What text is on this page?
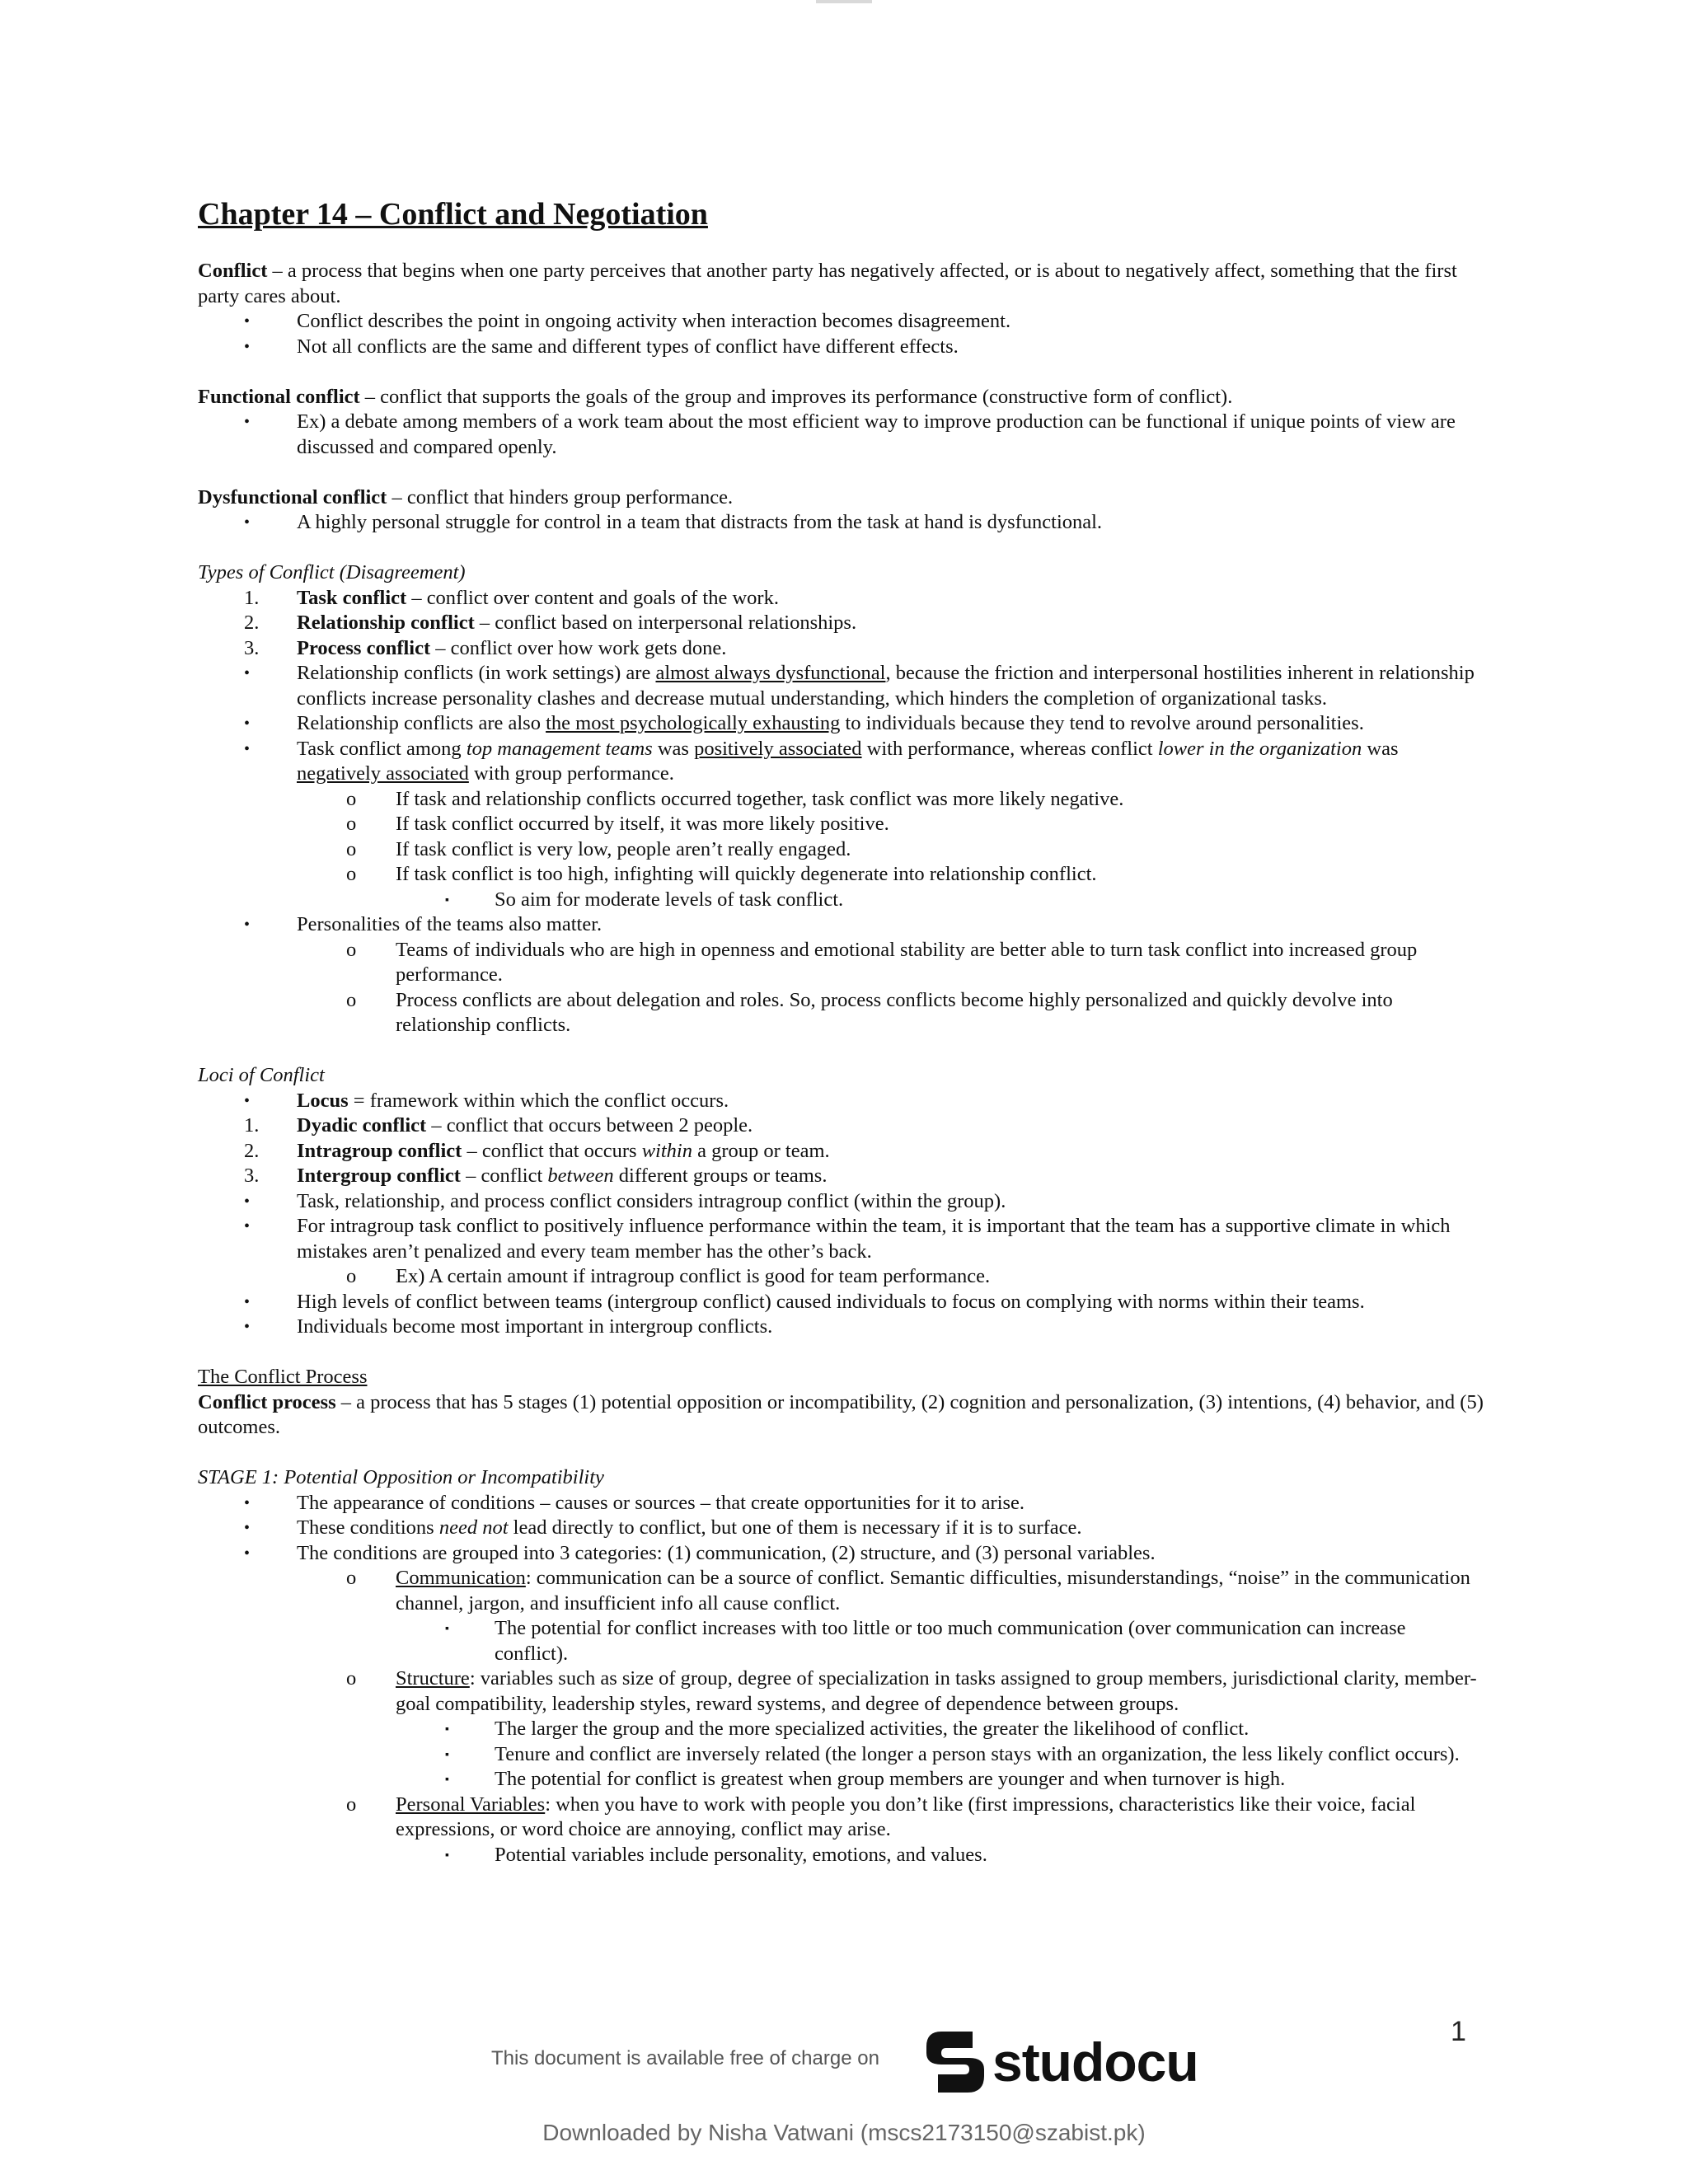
Chapter 14 – Conflict and Negotiation

Conflict – a process that begins when one party perceives that another party has negatively affected, or is about to negatively affect, something that the first party cares about.

• Conflict describes the point in ongoing activity when interaction becomes disagreement.
• Not all conflicts are the same and different types of conflict have different effects.

Functional conflict – conflict that supports the goals of the group and improves its performance (constructive form of conflict).

• Ex) a debate among members of a work team about the most efficient way to improve production can be functional if unique points of view are discussed and compared openly.

Dysfunctional conflict – conflict that hinders group performance.

• A highly personal struggle for control in a team that distracts from the task at hand is dysfunctional.

Types of Conflict (Disagreement)

1. Task conflict – conflict over content and goals of the work.
2. Relationship conflict – conflict based on interpersonal relationships.
3. Process conflict – conflict over how work gets done.
• Relationship conflicts (in work settings) are almost always dysfunctional, because the friction and interpersonal hostilities inherent in relationship conflicts increase personality clashes and decrease mutual understanding, which hinders the completion of organizational tasks.
• Relationship conflicts are also the most psychologically exhausting to individuals because they tend to revolve around personalities.
• Task conflict among top management teams was positively associated with performance, whereas conflict lower in the organization was negatively associated with group performance.
o If task and relationship conflicts occurred together, task conflict was more likely negative.
o If task conflict occurred by itself, it was more likely positive.
o If task conflict is very low, people aren’t really engaged.
o If task conflict is too high, infighting will quickly degenerate into relationship conflict.
▪ So aim for moderate levels of task conflict.
• Personalities of the teams also matter.
o Teams of individuals who are high in openness and emotional stability are better able to turn task conflict into increased group performance.
o Process conflicts are about delegation and roles. So, process conflicts become highly personalized and quickly devolve into relationship conflicts.

Loci of Conflict

• Locus = framework within which the conflict occurs.
1. Dyadic conflict – conflict that occurs between 2 people.
2. Intragroup conflict – conflict that occurs within a group or team.
3. Intergroup conflict – conflict between different groups or teams.
• Task, relationship, and process conflict considers intragroup conflict (within the group).
• For intragroup task conflict to positively influence performance within the team, it is important that the team has a supportive climate in which mistakes aren’t penalized and every team member has the other’s back.
o Ex) A certain amount if intragroup conflict is good for team performance.
• High levels of conflict between teams (intergroup conflict) caused individuals to focus on complying with norms within their teams.
• Individuals become most important in intergroup conflicts.

The Conflict Process

Conflict process – a process that has 5 stages (1) potential opposition or incompatibility, (2) cognition and personalization, (3) intentions, (4) behavior, and (5) outcomes.

STAGE 1: Potential Opposition or Incompatibility

• The appearance of conditions – causes or sources – that create opportunities for it to arise.
• These conditions need not lead directly to conflict, but one of them is necessary if it is to surface.
• The conditions are grouped into 3 categories: (1) communication, (2) structure, and (3) personal variables.
o Communication: communication can be a source of conflict. Semantic difficulties, misunderstandings, “noise” in the communication channel, jargon, and insufficient info all cause conflict.
▪ The potential for conflict increases with too little or too much communication (over communication can increase conflict).
o Structure: variables such as size of group, degree of specialization in tasks assigned to group members, jurisdictional clarity, member-goal compatibility, leadership styles, reward systems, and degree of dependence between groups.
▪ The larger the group and the more specialized activities, the greater the likelihood of conflict.
▪ Tenure and conflict are inversely related (the longer a person stays with an organization, the less likely conflict occurs).
▪ The potential for conflict is greatest when group members are younger and when turnover is high.
o Personal Variables: when you have to work with people you don’t like (first impressions, characteristics like their voice, facial expressions, or word choice are annoying, conflict may arise.
▪ Potential variables include personality, emotions, and values.
1
This document is available free of charge on studocu
Downloaded by Nisha Vatwani (mscs2173150@szabist.pk)
